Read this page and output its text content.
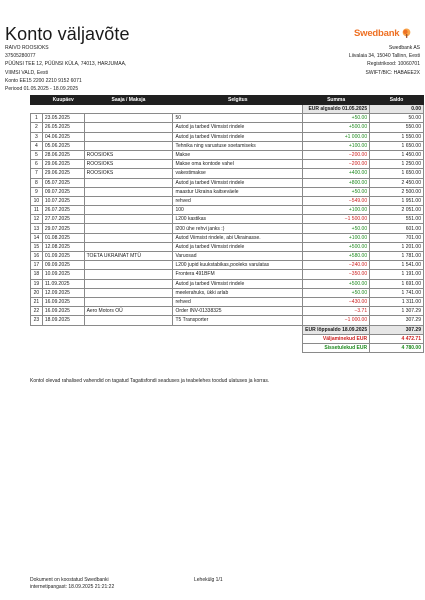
Konto väljavõte	Swedbank
RAIVO ROOSIOKS
37505280077
PÜÜNSI TEE 12, PÜÜNSI KÜLA, 74013, HARJUMAA,
VIIMSI VALD, Eesti
Konto EE15 2200 2210 9152 6071
Periood 01.05.2025 - 18.09.2025
Swedbank AS
Liivalaia 34, 15040 Tallinn, Eesti
Registrikood: 10060701
SWIFT/BIC: HABAEE2X
	Kuupäev	Saaja / Maksja	Selgitus	Summa	Saldo
				EUR algsaldo 01.05.2025	0.00
1	23.05.2025		50	+50.00	50.00
2	26.05.2025		Autod ja tarbed Viimsist rindele	+500.00	550.00
3	04.06.2025		Autod ja tarbed Viimsist rindele	+1 000.00	1 550.00
4	05.06.2025		Tehnika ning varustuse soetamiseks	+100.00	1 650.00
5	28.06.2025	ROOSIOKS	Makse	−200.00	1 450.00
6	29.06.2025	ROOSIOKS	Makse oma kontode vahel	−200.00	1 250.00
7	29.06.2025	ROOSIOKS	vakestimakse	+400.00	1 650.00
8	05.07.2025		Autod ja tarbed Viimsist rindele	+800.00	2 450.00
9	09.07.2025		maastur Ukraina kaitseväele	+50.00	2 500.00
10	10.07.2025		rehved	−549.00	1 951.00
11	26.07.2025		100	+100.00	2 051.00
12	27.07.2025		L200 kastikas	−1 500.00	551.00
13	29.07.2025		l200 ühe rehvi janks :)	+50.00	601.00
14	01.08.2025		Autod Viimsist rindele, abi Ukrainasse.	+100.00	701.00
15	12.08.2025		Autod ja tarbed Viimsist rindele	+500.00	1 201.00
16	01.09.2025	TOETA UKRAINAT MTÜ	Varuosad	+580.00	1 781.00
17	09.09.2025		L200 jupid kuukstabikas,pooleks varulatas	−240.00	1 541.00
18	10.09.2025		Frontera 491BFM	−350.00	1 191.00
19	11.09.2025		Autod ja tarbed Viimsist rindele	+500.00	1 691.00
20	12.09.2025		meelerahuks, ükki arlab	+50.00	1 741.00
21	16.09.2025		rehved	−430.00	1 311.00
22	16.09.2025	Aero Motors OÜ	Order INV-01338325	−3.71	1 307.29
23	18.09.2025		T5 Transporter	−1 000.00	307.29
				EUR lõppsaldo 18.09.2025	307.29
				Väljaminekud EUR	4 472.71
				Sissetulekud EUR	4 780.00
Kontol olevad rahalised vahendid on tagatud Tagatisfondi seaduses ja teabelehes toodud ulatuses ja korras.
Dokument on koostatud Swedbanki
internetipangast: 18.09.2025 21:21:22
Lehekülg 1/1
